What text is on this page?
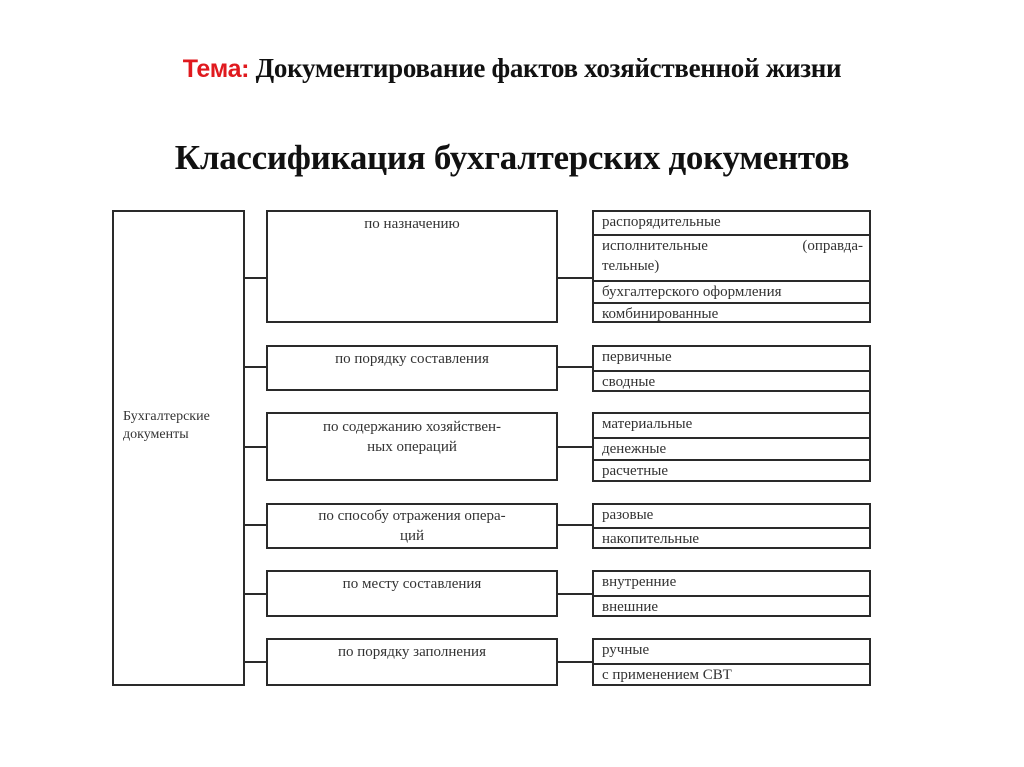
Тема: Документирование фактов хозяйственной жизни
Классификация бухгалтерских документов
Бухгалтерские
документы
по назначению	распорядительные
исполнительные (оправда-
тельные)
бухгалтерского оформления
комбинированные
по порядку составления	первичные
сводные
по содержанию хозяйствен-
ных операций
материальные
денежные
расчетные
по способу отражения опера-
ций
разовые
накопительные
по месту составления	внутренние
внешние
по порядку заполнения	ручные
с применением СВТ
